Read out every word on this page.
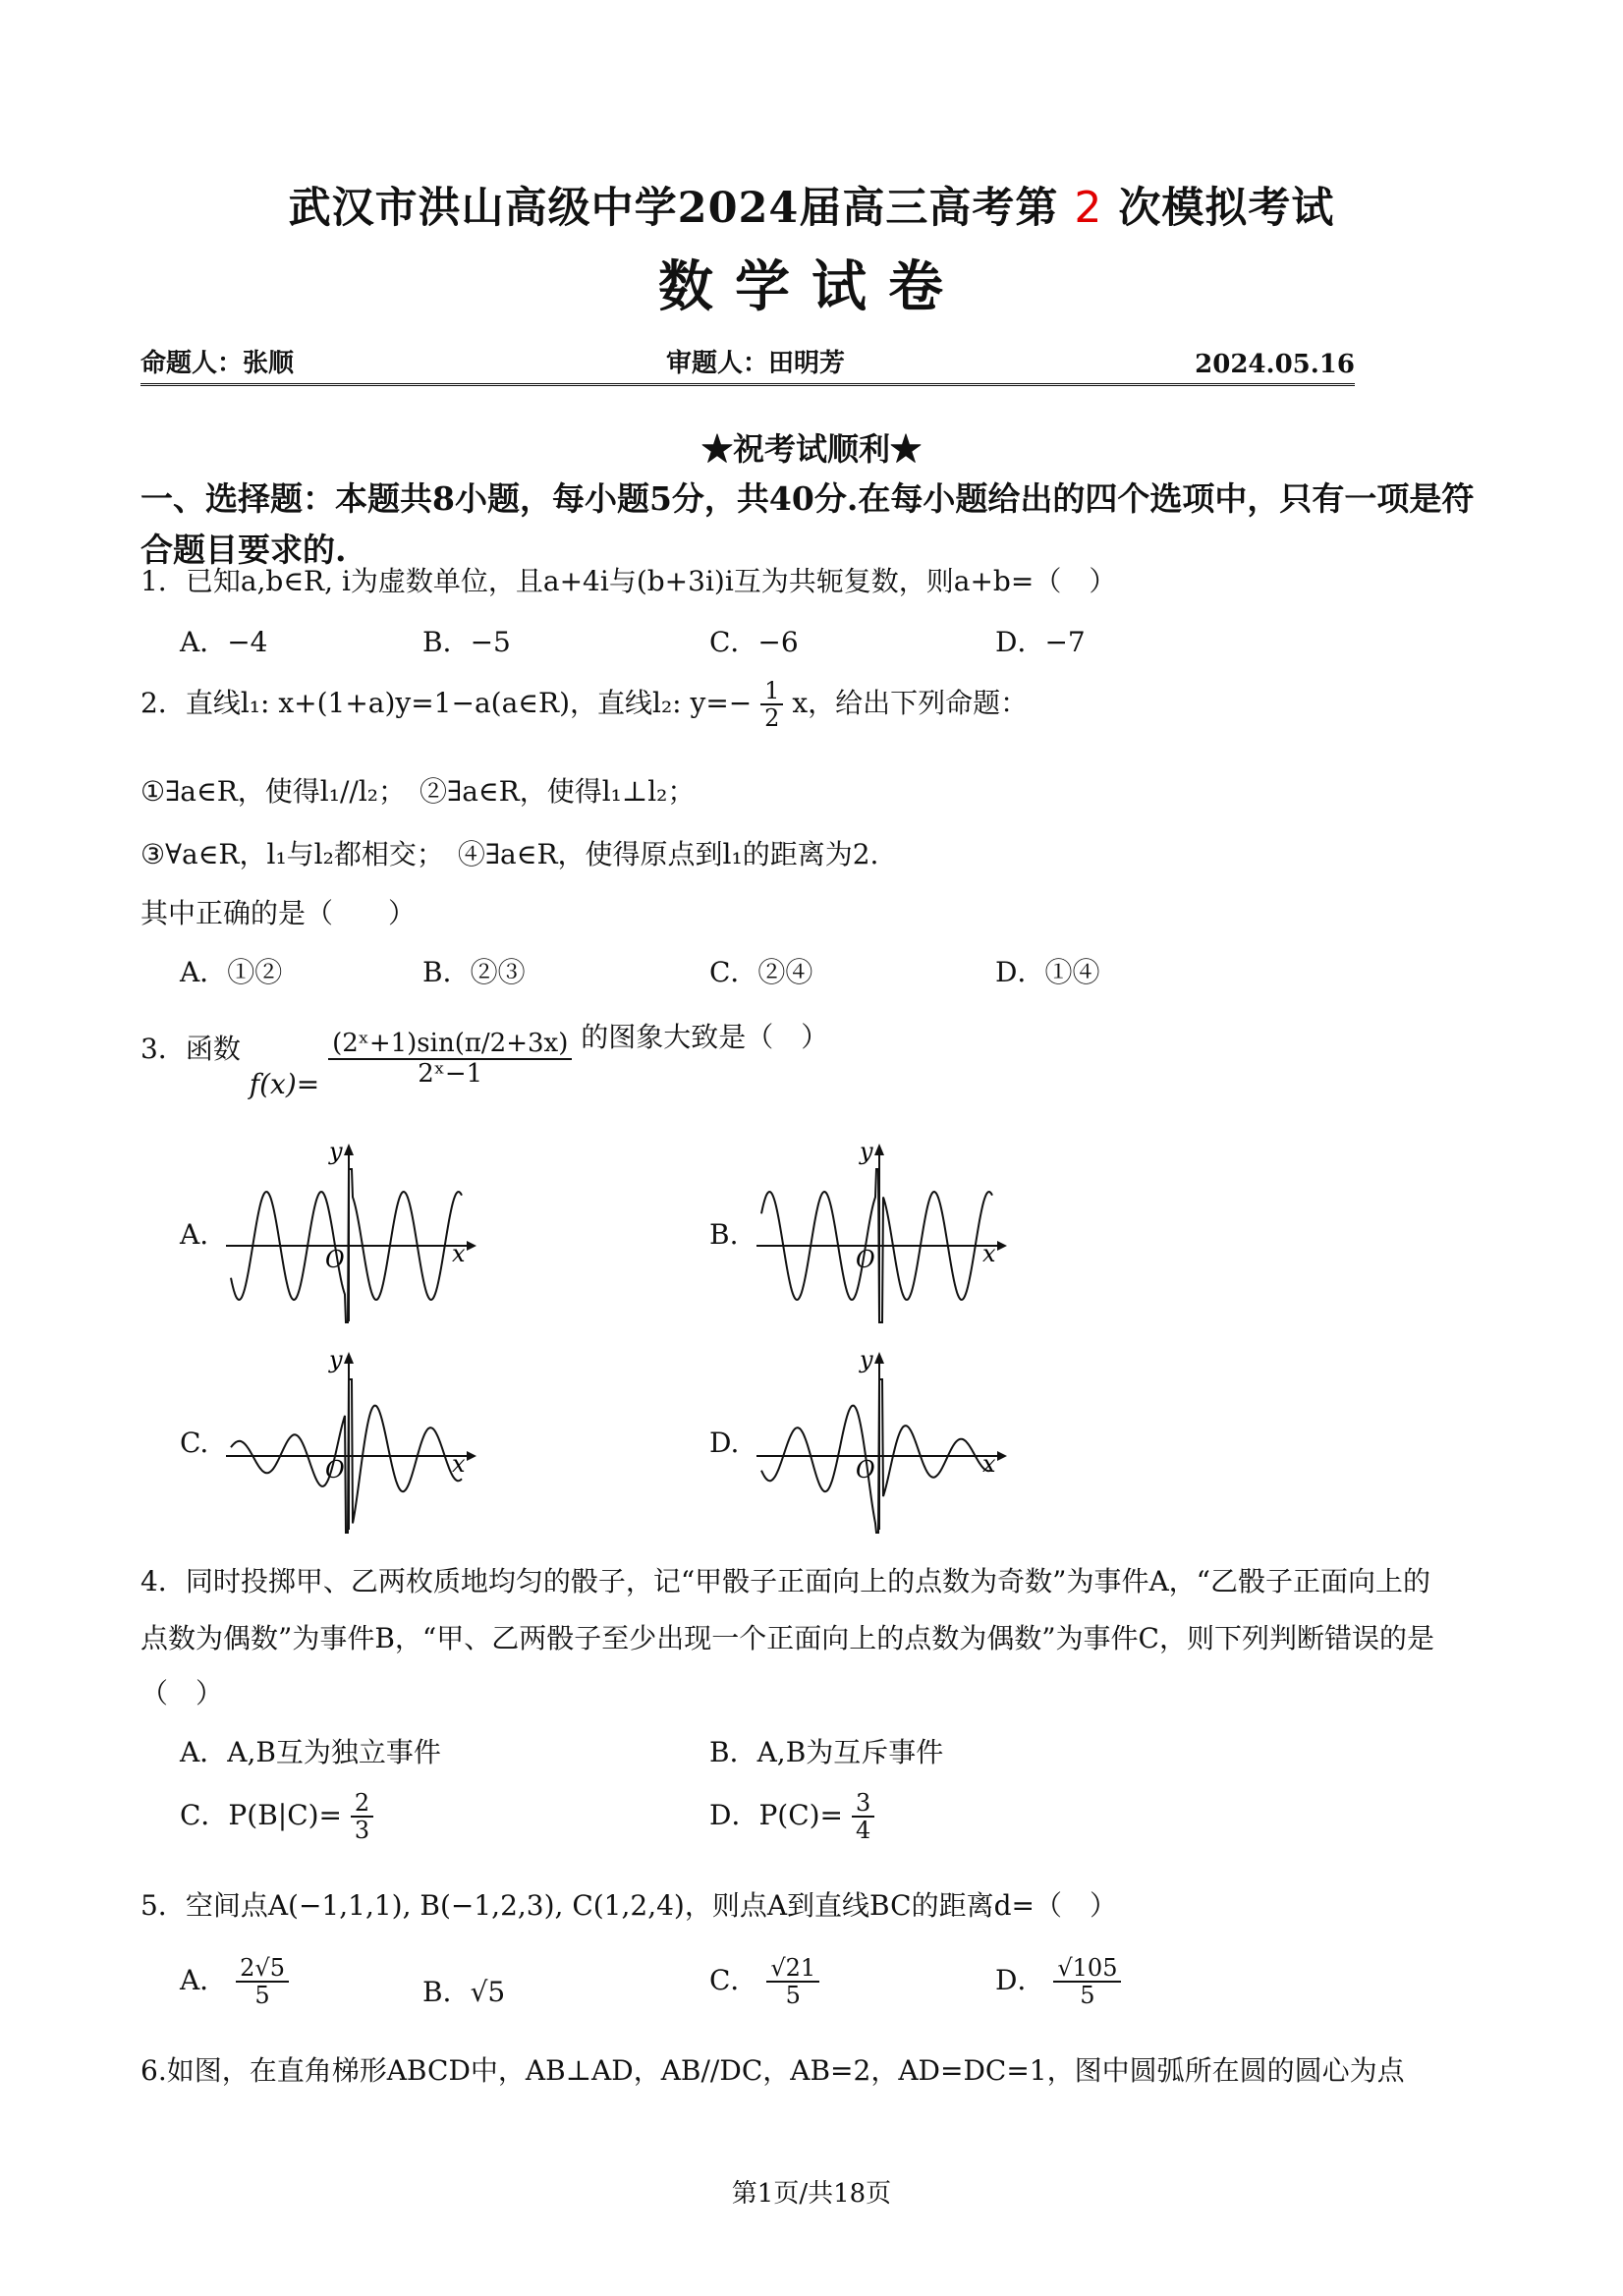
武汉市洪山高级中学2024届高三高考第 2 次模拟考试
数学试卷
命题人：张顺	审题人：田明芳	2024.05.16
★祝考试顺利★
一、选择题：本题共8小题，每小题5分，共40分.在每小题给出的四个选项中，只有一项是符合题目要求的.
1．已知a,b∈R, i为虚数单位，且a+4i与(b+3i)i互为共轭复数，则a+b=（　）
A．−4	B．−5	C．−6	D．−7
2．直线l₁: x+(1+a)y=1−a(a∈R)，直线l₂: $y=- \frac{1}{2}$ x，给出下列命题：
①∃a∈R，使得l₁//l₂；　②∃a∈R，使得l₁⊥l₂；
③∀a∈R，l₁与l₂都相交；　④∃a∈R，使得原点到l₁的距离为2.
其中正确的是（　　）
A．①②	B．②③	C．②④	D．①④
3．函数 $f(x)= \frac{\text{(2ˣ+1)sin(π/2+3x)}}{\text{2ˣ−1}}$ 的图象大致是（　）
A.	B.
C.	D.
y
x
O
y
x
O
y
x
O
y
x
O
4．同时投掷甲、乙两枚质地均匀的骰子，记“甲骰子正面向上的点数为奇数”为事件A，“乙骰子正面向上的
点数为偶数”为事件B，“甲、乙两骰子至少出现一个正面向上的点数为偶数”为事件C，则下列判断错误的是
（　）
A．A,B互为独立事件	B．A,B为互斥事件
C．$P(B|C)= \frac{2}{3}$	D．$P(C)= \frac{3}{4}$
5．空间点A(−1,1,1), B(−1,2,3), C(1,2,4)，则点A到直线BC的距离d=（　）
A． $\frac{2√5}{5}$	B．√5	C． $\frac{√21}{5}$	D． $\frac{√105}{5}$
6.如图，在直角梯形ABCD中，AB⊥AD，AB//DC，AB=2，AD=DC=1，图中圆弧所在圆的圆心为点
第1页/共18页
